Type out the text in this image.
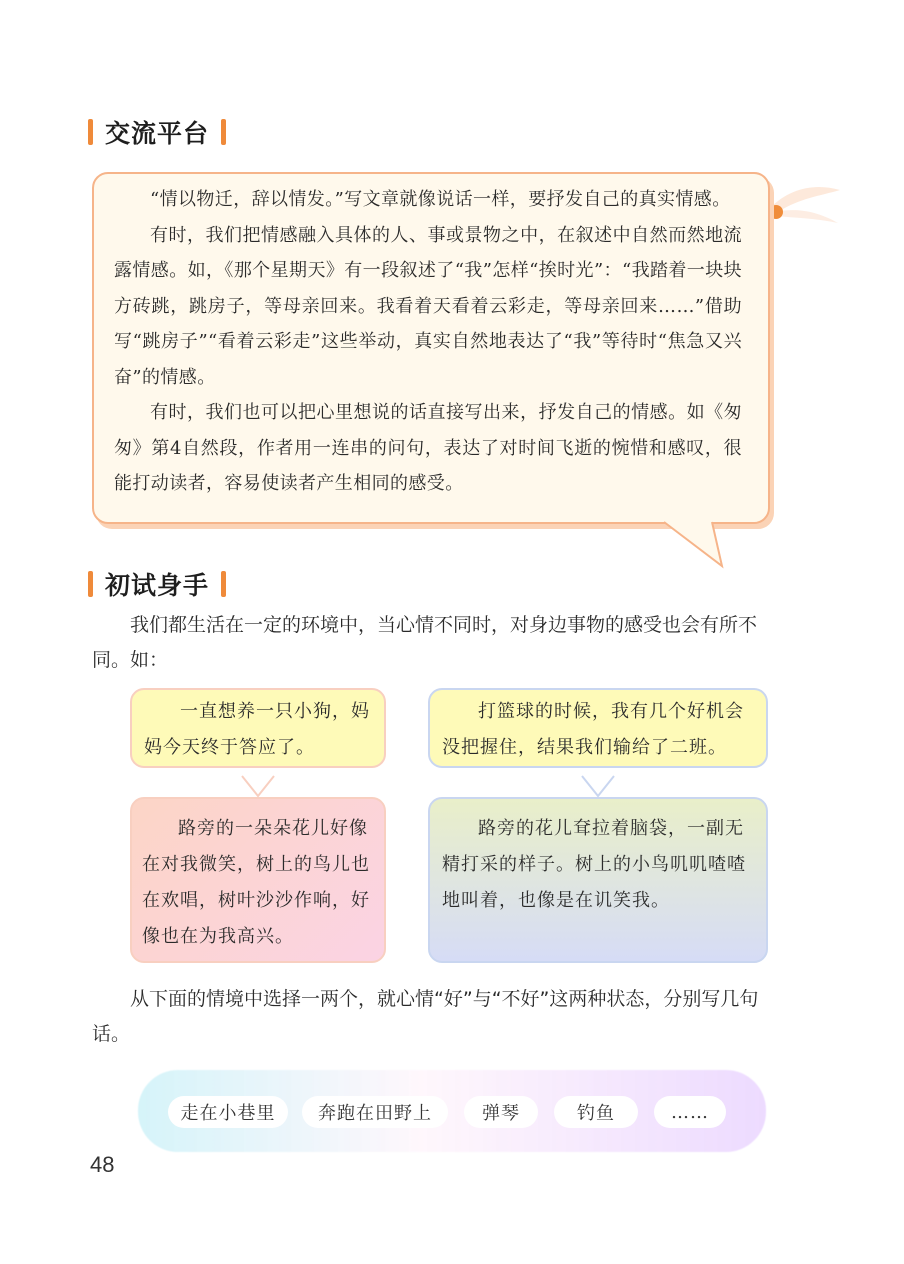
交流平台

“情以物迁，辞以情发。”写文章就像说话一样，要抒发自己的真实情感。

有时，我们把情感融入具体的人、事或景物之中，在叙述中自然而然地流露情感。如，《那个星期天》有一段叙述了“我”怎样“挨时光”：“我踏着一块块方砖跳，跳房子，等母亲回来。我看着天看着云彩走，等母亲回来……”借助写“跳房子”“看着云彩走”这些举动，真实自然地表达了“我”等待时“焦急又兴奋”的情感。

有时，我们也可以把心里想说的话直接写出来，抒发自己的情感。如《匆匆》第4自然段，作者用一连串的问句，表达了对时间飞逝的惋惜和感叹，很能打动读者，容易使读者产生相同的感受。

初试身手
我们都生活在一定的环境中，当心情不同时，对身边事物的感受也会有所不同。如：

一直想养一只小狗，妈妈今天终于答应了。

路旁的一朵朵花儿好像在对我微笑，树上的鸟儿也在欢唱，树叶沙沙作响，好像也在为我高兴。

打篮球的时候，我有几个好机会没把握住，结果我们输给了二班。

路旁的花儿耷拉着脑袋，一副无精打采的样子。树上的小鸟叽叽喳喳地叫着，也像是在讥笑我。

从下面的情境中选择一两个，就心情“好”与“不好”这两种状态，分别写几句话。
走在小巷里	奔跑在田野上	弹琴	钓鱼	……
48
